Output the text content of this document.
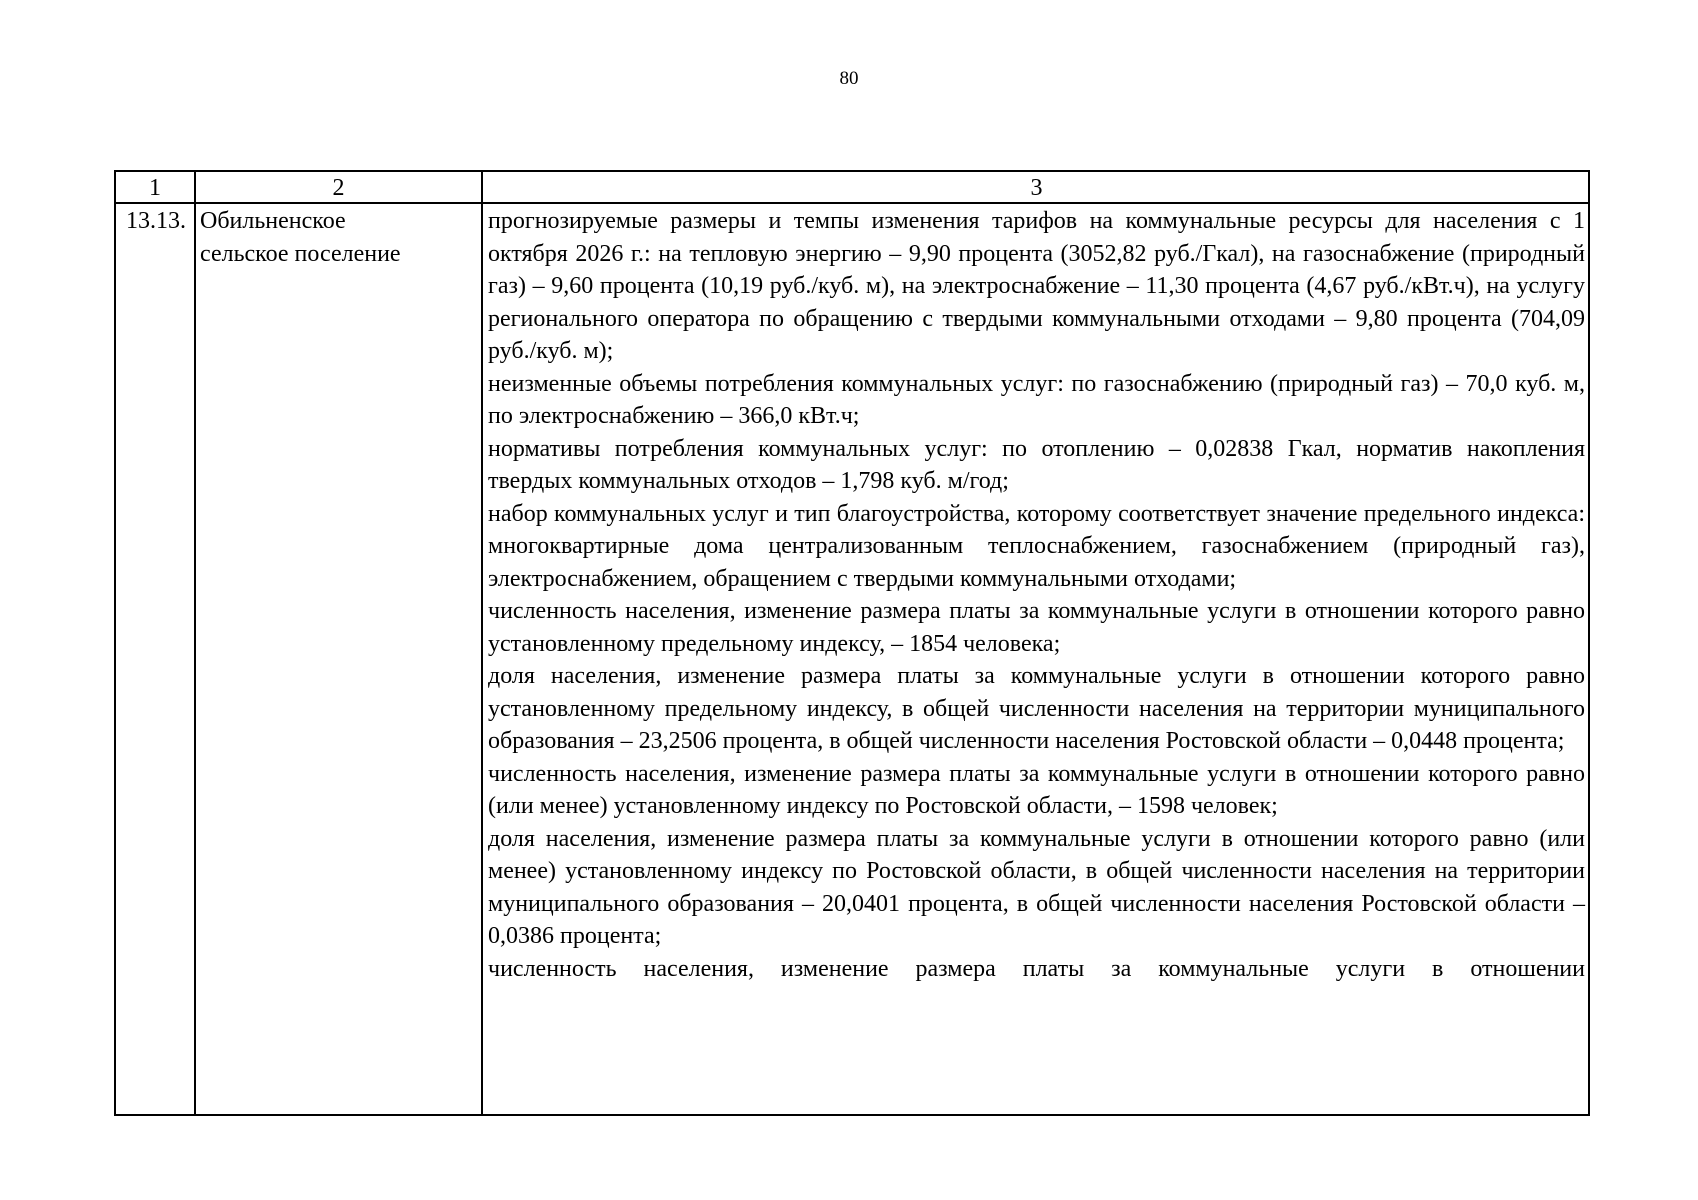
80
1	2	3
13.13. Обильненское
сельское поселение

прогнозируемые размеры и темпы изменения тарифов на коммунальные ресурсы для населения с 1 октября 2026 г.: на тепловую энергию – 9,90 процента (3052,82 руб./Гкал), на газоснабжение (природный газ) – 9,60 процента (10,19 руб./куб. м), на электроснабжение – 11,30 процента (4,67 руб./кВт.ч), на услугу регионального оператора по обращению с твердыми коммунальными отходами – 9,80 процента (704,09 руб./куб. м);

неизменные объемы потребления коммунальных услуг: по газоснабжению (природный газ) – 70,0 куб. м, по электроснабжению – 366,0 кВт.ч;

нормативы потребления коммунальных услуг: по отоплению – 0,02838 Гкал, норматив накопления твердых коммунальных отходов – 1,798 куб. м/год;

набор коммунальных услуг и тип благоустройства, которому соответствует значение предельного индекса: многоквартирные дома централизованным теплоснабжением, газоснабжением (природный газ), электроснабжением, обращением с твердыми коммунальными отходами;

численность населения, изменение размера платы за коммунальные услуги в отношении которого равно установленному предельному индексу, – 1854 человека;

доля населения, изменение размера платы за коммунальные услуги в отношении которого равно установленному предельному индексу, в общей численности населения на территории муниципального образования – 23,2506 процента, в общей численности населения Ростовской области – 0,0448 процента;

численность населения, изменение размера платы за коммунальные услуги в отношении которого равно (или менее) установленному индексу по Ростовской области, – 1598 человек;

доля населения, изменение размера платы за коммунальные услуги в отношении которого равно (или менее) установленному индексу по Ростовской области, в общей численности населения на территории муниципального образования – 20,0401 процента, в общей численности населения Ростовской области – 0,0386 процента;

численность населения, изменение размера платы за коммунальные услуги в отношении
